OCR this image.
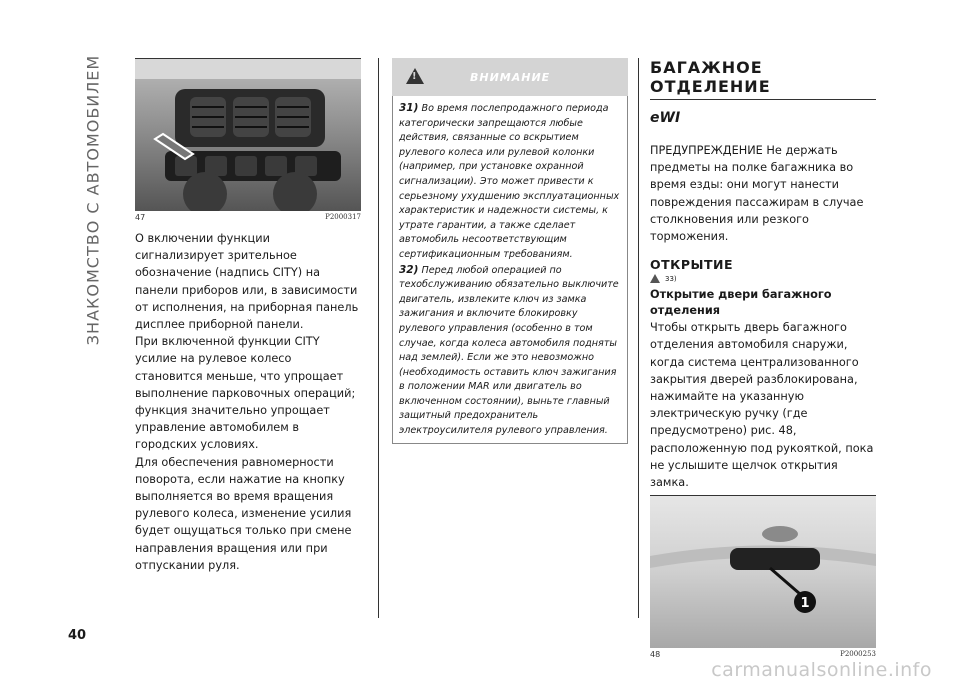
ЗНАКОМСТВО С АВТОМОБИЛЕМ
40
47	P2000317

О включении функции сигнализирует зрительное обозначение (надпись CITY) на панели приборов или, в зависимости от исполнения, на приборная панель дисплее приборной панели.

При включенной функции CITY усилие на рулевое колесо становится меньше, что упрощает выполнение парковочных операций; функция значительно упрощает управление автомобилем в городских условиях.

Для обеспечения равномерности поворота, если нажатие на кнопку выполняется во время вращения рулевого колеса, изменение усилия будет ощущаться только при смене направления вращения или при отпускании руля.

!
ВНИМАНИЕ

31) Во время послепродажного периода категорически запрещаются любые действия, связанные со вскрытием рулевого колеса или рулевой колонки (например, при установке охранной сигнализации). Это может привести к серьезному ухудшению эксплуатационных характеристик и надежности системы, к утрате гарантии, а также сделает автомобиль несоответствующим сертификационным требованиям.

32) Перед любой операцией по техобслуживанию обязательно выключите двигатель, извлеките ключ из замка зажигания и включите блокировку рулевого управления (особенно в том случае, когда колеса автомобиля подняты над землей). Если же это невозможно (необходимость оставить ключ зажигания в положении MAR или двигатель во включенном состоянии), выньте главный защитный предохранитель электроусилителя рулевого управления.

БАГАЖНОЕ ОТДЕЛЕНИЕ
eWI

ПРЕДУПРЕЖДЕНИЕ Не держать предметы на полке багажника во время езды: они могут нанести повреждения пассажирам в случае столкновения или резкого торможения.

ОТКРЫТИЕ
33)
Открытие двери багажного отделения

Чтобы открыть дверь багажного отделения автомобиля снаружи, когда система централизованного закрытия дверей разблокирована, нажимайте на указанную электрическую ручку (где предусмотрено) рис. 48, расположенную под рукояткой, пока не услышите щелчок открытия замка.

1
48	P2000253
carmanualsonline.info
